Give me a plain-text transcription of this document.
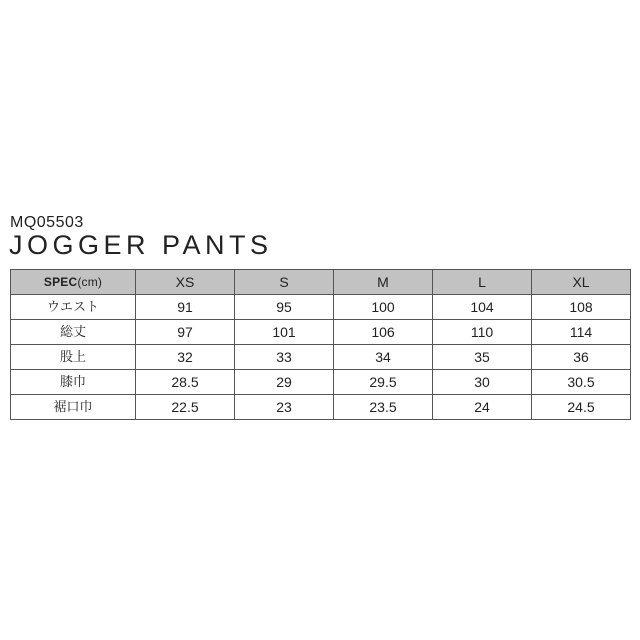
MQ05503
JOGGER PANTS
SPEC(cm)	XS	S	M	L	XL
ウエスト	91	95	100	104	108
総丈	97	101	106	110	114
股上	32	33	34	35	36
膝巾	28.5	29	29.5	30	30.5
裾口巾	22.5	23	23.5	24	24.5
